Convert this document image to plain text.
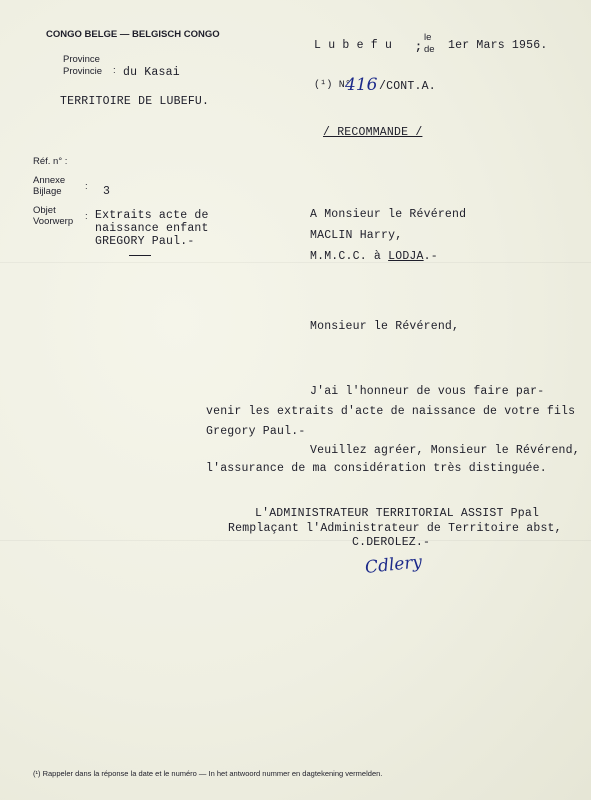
CONGO BELGE — BELGISCH CONGO
Province
Provincie : du Kasai
TERRITOIRE DE LUBEFU.
L u b e f u ;
le
de 1er Mars 1956.
(¹) N°
416 /CONT.A.
/ RECOMMANDE /
Réf. n° :
Annexe
Bijlage : 3
Objet
Voorwerp : Extraits acte de
naissance enfant
GREGORY Paul.-
A Monsieur le Révérend
MACLIN Harry,
M.M.C.C. à LODJA.-
Monsieur le Révérend,
J'ai l'honneur de vous faire par-
venir les extraits d'acte de naissance de votre fils
Gregory Paul.-
Veuillez agréer, Monsieur le Révérend,
l'assurance de ma considération très distinguée.
L'ADMINISTRATEUR TERRITORIAL ASSIST Ppal
Remplaçant l'Administrateur de Territoire abst,
C.DEROLEZ.-
Cdlery
(¹) Rappeler dans la réponse la date et le numéro — In het antwoord nummer en dagtekening vermelden.
